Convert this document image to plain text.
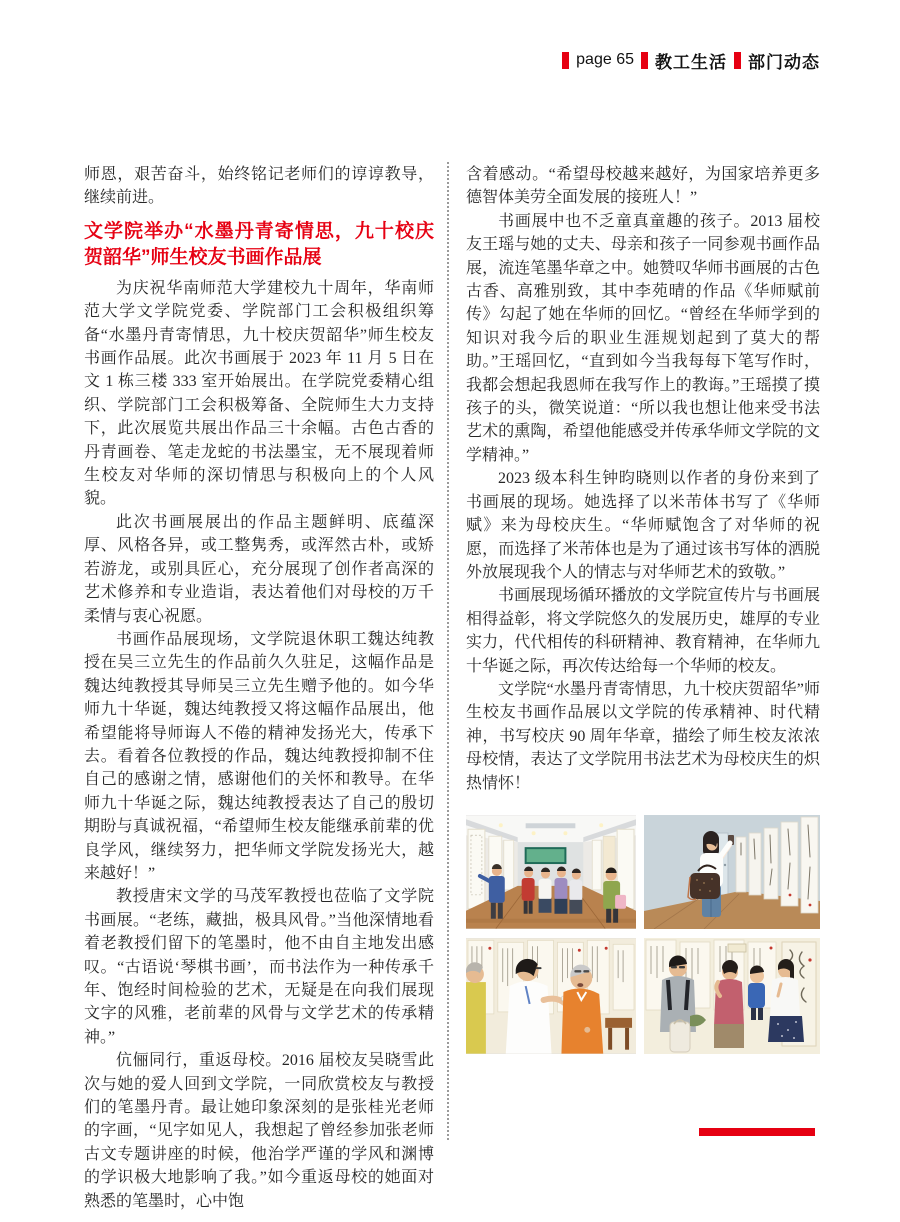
page 65 教工生活 部门动态

师恩，艰苦奋斗，始终铭记老师们的谆谆教导，继续前进。

文学院举办“水墨丹青寄情思，九十校庆贺韶华”师生校友书画作品展

为庆祝华南师范大学建校九十周年，华南师范大学文学院党委、学院部门工会积极组织筹备“水墨丹青寄情思，九十校庆贺韶华”师生校友书画作品展。此次书画展于 2023 年 11 月 5 日在文 1 栋三楼 333 室开始展出。在学院党委精心组织、学院部门工会积极筹备、全院师生大力支持下，此次展览共展出作品三十余幅。古色古香的丹青画卷、笔走龙蛇的书法墨宝，无不展现着师生校友对华师的深切情思与积极向上的个人风貌。

此次书画展展出的作品主题鲜明、底蕴深厚、风格各异，或工整隽秀，或浑然古朴，或矫若游龙，或别具匠心，充分展现了创作者高深的艺术修养和专业造诣，表达着他们对母校的万千柔情与衷心祝愿。

书画作品展现场，文学院退休职工魏达纯教授在吴三立先生的作品前久久驻足，这幅作品是魏达纯教授其导师吴三立先生赠予他的。如今华师九十华诞，魏达纯教授又将这幅作品展出，他希望能将导师诲人不倦的精神发扬光大，传承下去。看着各位教授的作品，魏达纯教授抑制不住自己的感谢之情，感谢他们的关怀和教导。在华师九十华诞之际，魏达纯教授表达了自己的殷切期盼与真诚祝福，“希望师生校友能继承前辈的优良学风，继续努力，把华师文学院发扬光大，越来越好！”

教授唐宋文学的马茂军教授也莅临了文学院书画展。“老练，藏拙，极具风骨。”当他深情地看着老教授们留下的笔墨时，他不由自主地发出感叹。“古语说‘琴棋书画’，而书法作为一种传承千年、饱经时间检验的艺术，无疑是在向我们展现文字的风雅，老前辈的风骨与文学艺术的传承精神。”

伉俪同行，重返母校。2016 届校友吴晓雪此次与她的爱人回到文学院，一同欣赏校友与教授们的笔墨丹青。最让她印象深刻的是张桂光老师的字画，“见字如见人，我想起了曾经参加张老师古文专题讲座的时候，他治学严谨的学风和渊博的学识极大地影响了我。”如今重返母校的她面对熟悉的笔墨时，心中饱

含着感动。“希望母校越来越好，为国家培养更多德智体美劳全面发展的接班人！”

书画展中也不乏童真童趣的孩子。2013 届校友王瑶与她的丈夫、母亲和孩子一同参观书画作品展，流连笔墨华章之中。她赞叹华师书画展的古色古香、高雅别致，其中李苑晴的作品《华师赋前传》勾起了她在华师的回忆。“曾经在华师学到的知识对我今后的职业生涯规划起到了莫大的帮助。”王瑶回忆，“直到如今当我每每下笔写作时，我都会想起我恩师在我写作上的教诲。”王瑶摸了摸孩子的头，微笑说道：“所以我也想让他来受书法艺术的熏陶，希望他能感受并传承华师文学院的文学精神。”

2023 级本科生钟昀晓则以作者的身份来到了书画展的现场。她选择了以米芾体书写了《华师赋》来为母校庆生。“华师赋饱含了对华师的祝愿，而选择了米芾体也是为了通过该书写体的洒脱外放展现我个人的情志与对华师艺术的致敬。”

书画展现场循环播放的文学院宣传片与书画展相得益彰，将文学院悠久的发展历史，雄厚的专业实力，代代相传的科研精神、教育精神，在华师九十华诞之际，再次传达给每一个华师的校友。

文学院“水墨丹青寄情思，九十校庆贺韶华”师生校友书画作品展以文学院的传承精神、时代精神，书写校庆 90 周年华章，描绘了师生校友浓浓母校情，表达了文学院用书法艺术为母校庆生的炽热情怀！
